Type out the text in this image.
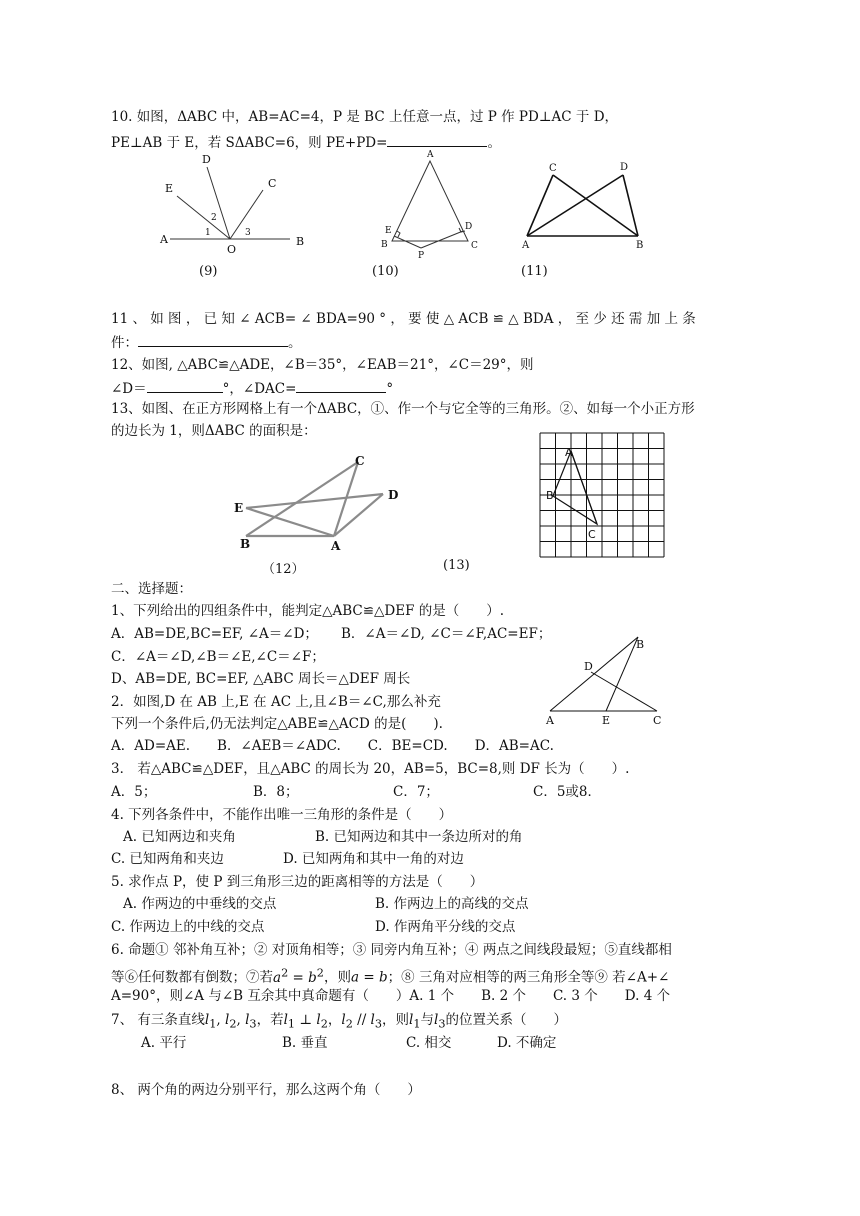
10. 如图，ΔABC 中，AB=AC=4，P 是 BC 上任意一点，过 P 作 PD⊥AC 于 D，
PE⊥AB 于 E，若 SΔABC=6，则 PE+PD=	。
A	B
C
D
E
O
1
2
3
(9)
A
B	C
D
E
P
(10)
C	D
A	B
(11)
11 、 如 图 ， 已 知 ∠ ACB= ∠ BDA=90 ° ， 要 使 △ ACB ≌ △ BDA ， 至 少 还 需 加 上 条
件：	。
12、如图, △ABC≌△ADE，∠B＝35°，∠EAB＝21°，∠C＝29°，则
∠D＝	°，∠DAC=	°
13、如图、在正方形网格上有一个ΔABC，①、作一个与它全等的三角形。②、如每一个小正方形
的边长为 1，则ΔABC 的面积是：
C
D
E
B	A
（12）
A
B
C
(13)
二、选择题：
1、下列给出的四组条件中，能判定△ABC≌△DEF 的是（　　）.
A．AB=DE,BC=EF, ∠A＝∠D； B．∠A＝∠D, ∠C＝∠F,AC=EF；
C．∠A＝∠D,∠B＝∠E,∠C＝∠F；
D、AB=DE, BC=EF, △ABC 周长＝△DEF 周长
B
D
A	E	C
2．如图,D 在 AB 上,E 在 AC 上,且∠B＝∠C,那么补充
下列一个条件后,仍无法判定△ABE≌△ACD 的是(　　).
A．AD=AE.　　B．∠AEB＝∠ADC.　　C．BE=CD.　　D．AB=AC.
3． 若△ABC≌△DEF，且△ABC 的周长为 20，AB=5，BC=8,则 DF 长为（　　）.
A．5；	B．8；	C．7；	C．5或8．
4. 下列各条件中，不能作出唯一三角形的条件是（　　）
A. 已知两边和夹角	B. 已知两边和其中一条边所对的角
C. 已知两角和夹边	D. 已知两角和其中一角的对边
5. 求作点 P，使 P 到三角形三边的距离相等的方法是（　　）
A. 作两边的中垂线的交点	B. 作两边上的高线的交点
C. 作两边上的中线的交点	D. 作两角平分线的交点
6. 命题① 邻补角互补；② 对顶角相等；③ 同旁内角互补；④ 两点之间线段最短；⑤直线都相
等⑥任何数都有倒数；⑦若$a^2 = b^2$，则a = b；⑧ 三角对应相等的两三角形全等⑨ 若∠A+∠
A=90°，则∠A 与∠B 互余其中真命题有（　　）A. 1 个　　B. 2 个　　C. 3 个　　D. 4 个
7、 有三条直线$l_1$, $l_2$, $l_3$，若$l_1$ ⊥ $l_2$，$l_2 // l_3$，则$l_1$与$l_3$的位置关系（　　）
A. 平行	B. 垂直	C. 相交	D. 不确定
8、 两个角的两边分别平行，那么这两个角（　　）
